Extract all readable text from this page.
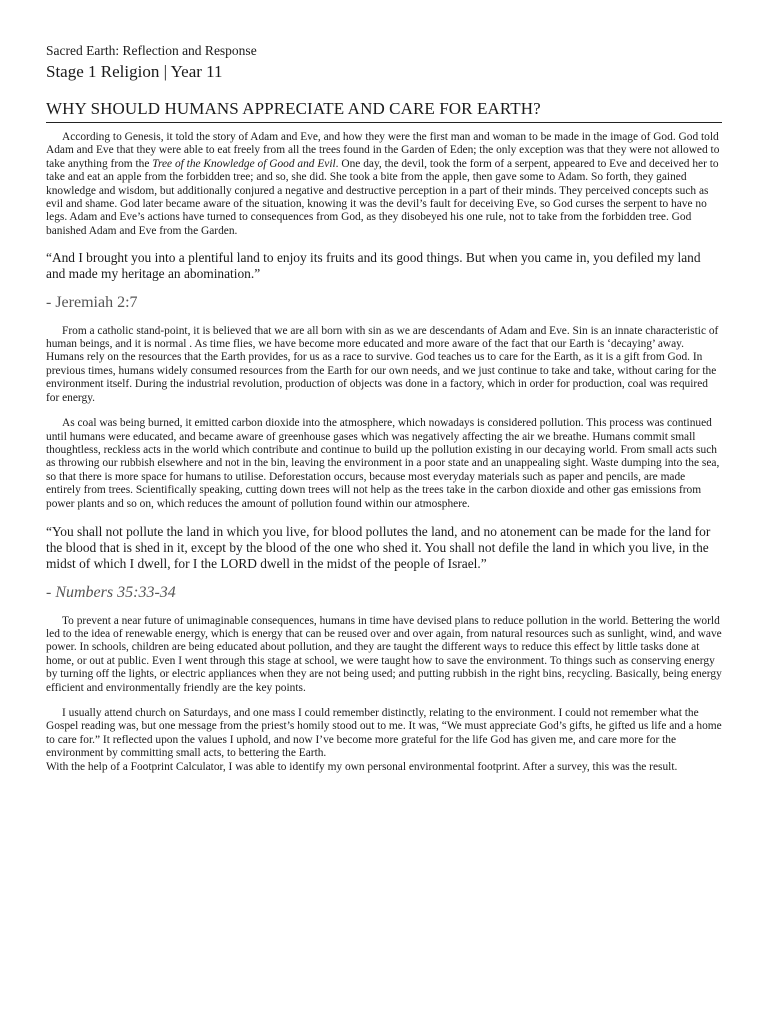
Sacred Earth: Reflection and Response

Stage 1 Religion | Year 11

WHY SHOULD HUMANS APPRECIATE AND CARE FOR EARTH?

According to Genesis, it told the story of Adam and Eve, and how they were the first man and woman to be made in the image of God. God told Adam and Eve that they were able to eat freely from all the trees found in the Garden of Eden; the only exception was that they were not allowed to take anything from the Tree of the Knowledge of Good and Evil. One day, the devil, took the form of a serpent, appeared to Eve and deceived her to take and eat an apple from the forbidden tree; and so, she did. She took a bite from the apple, then gave some to Adam. So forth, they gained knowledge and wisdom, but additionally conjured a negative and destructive perception in a part of their minds. They perceived concepts such as evil and shame. God later became aware of the situation, knowing it was the devil’s fault for deceiving Eve, so God curses the serpent to have no legs. Adam and Eve’s actions have turned to consequences from God, as they disobeyed his one rule, not to take from the forbidden tree. God banished Adam and Eve from the Garden.

“And I brought you into a plentiful land to enjoy its fruits and its good things. But when you came in, you defiled my land and made my heritage an abomination.”

- Jeremiah 2:7

From a catholic stand-point, it is believed that we are all born with sin as we are descendants of Adam and Eve. Sin is an innate characteristic of human beings, and it is normal . As time flies, we have become more educated and more aware of the fact that our Earth is ‘decaying’ away. Humans rely on the resources that the Earth provides, for us as a race to survive. God teaches us to care for the Earth, as it is a gift from God. In previous times, humans widely consumed resources from the Earth for our own needs, and we just continue to take and take, without caring for the environment itself. During the industrial revolution, production of objects was done in a factory, which in order for production, coal was required for energy.

As coal was being burned, it emitted carbon dioxide into the atmosphere, which nowadays is considered pollution. This process was continued until humans were educated, and became aware of greenhouse gases which was negatively affecting the air we breathe. Humans commit small thoughtless, reckless acts in the world which contribute and continue to build up the pollution existing in our decaying world. From small acts such as throwing our rubbish elsewhere and not in the bin, leaving the environment in a poor state and an unappealing sight. Waste dumping into the sea, so that there is more space for humans to utilise. Deforestation occurs, because most everyday materials such as paper and pencils, are made entirely from trees. Scientifically speaking, cutting down trees will not help as the trees take in the carbon dioxide and other gas emissions from power plants and so on, which reduces the amount of pollution found within our atmosphere.

“You shall not pollute the land in which you live, for blood pollutes the land, and no atonement can be made for the land for the blood that is shed in it, except by the blood of the one who shed it. You shall not defile the land in which you live, in the midst of which I dwell, for I the LORD dwell in the midst of the people of Israel.”

- Numbers 35:33-34

To prevent a near future of unimaginable consequences, humans in time have devised plans to reduce pollution in the world. Bettering the world led to the idea of renewable energy, which is energy that can be reused over and over again, from natural resources such as sunlight, wind, and wave power. In schools, children are being educated about pollution, and they are taught the different ways to reduce this effect by little tasks done at home, or out at public. Even I went through this stage at school, we were taught how to save the environment. To things such as conserving energy by turning off the lights, or electric appliances when they are not being used; and putting rubbish in the right bins, recycling. Basically, being energy efficient and environmentally friendly are the key points.

I usually attend church on Saturdays, and one mass I could remember distinctly, relating to the environment. I could not remember what the Gospel reading was, but one message from the priest’s homily stood out to me. It was, “We must appreciate God’s gifts, he gifted us life and a home to care for.” It reflected upon the values I uphold, and now I’ve become more grateful for the life God has given me, and care more for the environment by committing small acts, to bettering the Earth.

With the help of a Footprint Calculator, I was able to identify my own personal environmental footprint. After a survey, this was the result.
